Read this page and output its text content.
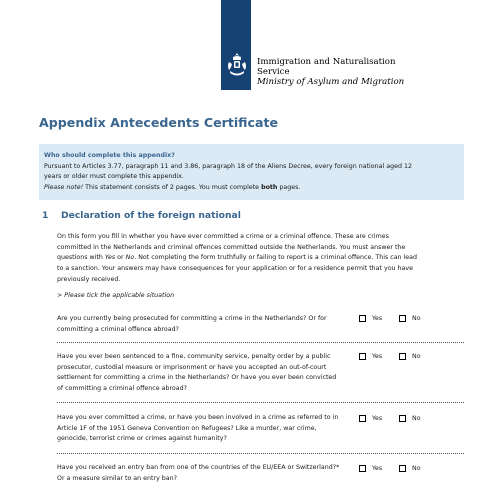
Immigration and Naturalisation
Service
Ministry of Asylum and Migration
Appendix Antecedents Certificate
Who should complete this appendix?
Pursuant to Articles 3.77, paragraph 11 and 3.86, paragraph 18 of the Aliens Decree, every foreign national aged 12
years or older must complete this appendix.
Please note! This statement consists of 2 pages. You must complete both pages.
1 Declaration of the foreign national
On this form you fill in whether you have ever committed a crime or a criminal offence. These are crimes
committed in the Netherlands and criminal offences committed outside the Netherlands. You must answer the
questions with Yes or No. Not completing the form truthfully or failing to report is a criminal offence. This can lead
to a sanction. Your answers may have consequences for your application or for a residence permit that you have
previously received.
> Please tick the applicable situation
Are you currently being prosecuted for committing a crime in the Netherlands? Or for
committing a criminal offence abroad?
Yes	No
Have you ever been sentenced to a fine, community service, penalty order by a public
prosecutor, custodial measure or imprisonment or have you accepted an out-of-court
settlement for committing a crime in the Netherlands? Or have you ever been convicted
of committing a criminal offence abroad?
Yes	No
Have you ever committed a crime, or have you been involved in a crime as referred to in
Article 1F of the 1951 Geneva Convention on Refugees? Like a murder, war crime,
genocide, terrorist crime or crimes against humanity?
Yes	No
Have you received an entry ban from one of the countries of the EU/EEA or Switzerland?*
Or a measure similar to an entry ban?
Yes	No
